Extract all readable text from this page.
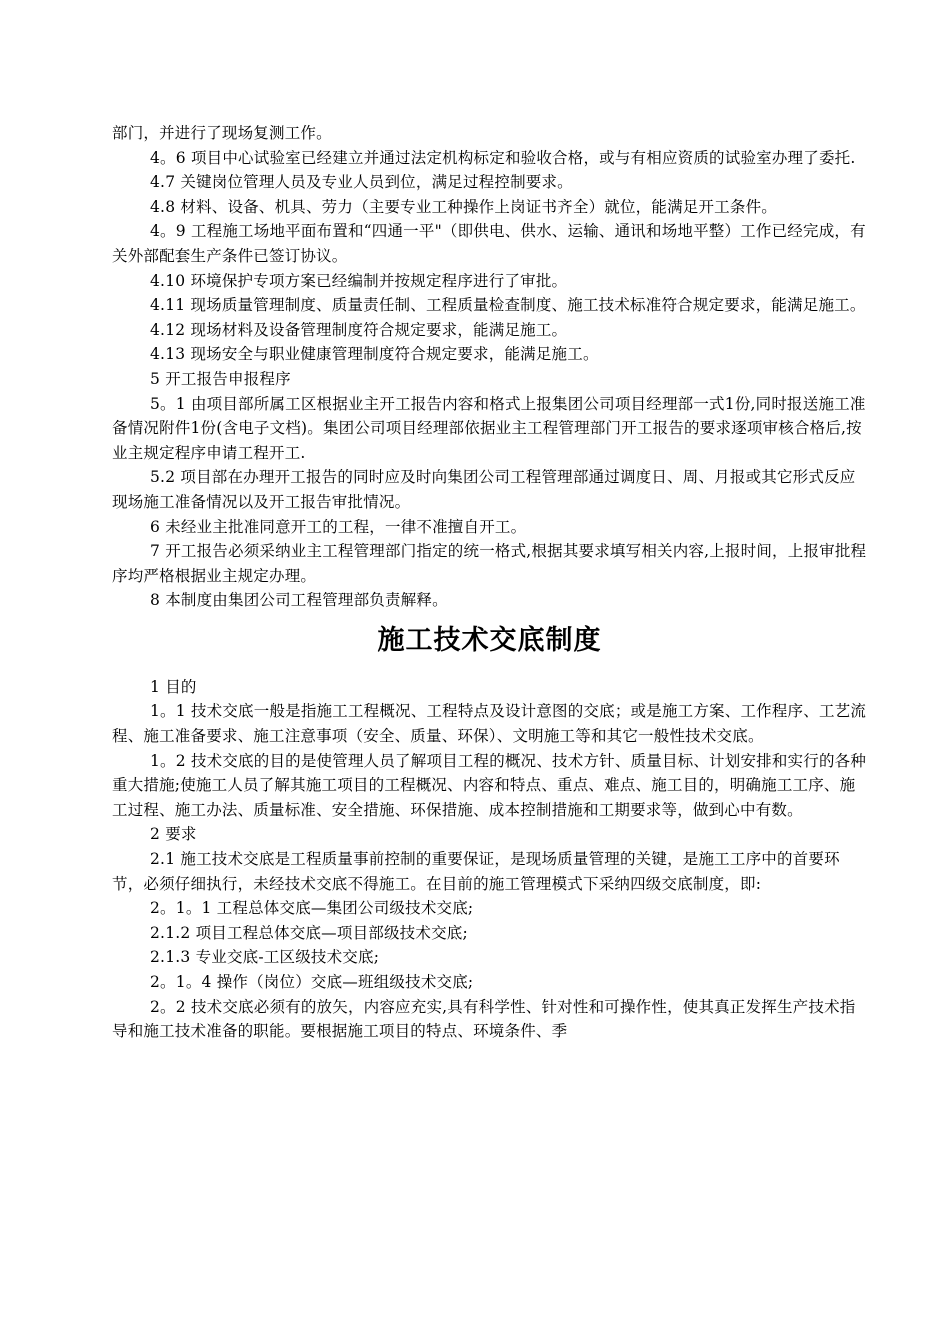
部门，并进行了现场复测工作。

4。6 项目中心试验室已经建立并通过法定机构标定和验收合格，或与有相应资质的试验室办理了委托.

4.7 关键岗位管理人员及专业人员到位，满足过程控制要求。

4.8 材料、设备、机具、劳力（主要专业工种操作上岗证书齐全）就位，能满足开工条件。

4。9 工程施工场地平面布置和“四通一平"（即供电、供水、运输、通讯和场地平整）工作已经完成，有关外部配套生产条件已签订协议。

4.10 环境保护专项方案已经编制并按规定程序进行了审批。

4.11 现场质量管理制度、质量责任制、工程质量检查制度、施工技术标准符合规定要求，能满足施工。

4.12 现场材料及设备管理制度符合规定要求，能满足施工。

4.13 现场安全与职业健康管理制度符合规定要求，能满足施工。

5 开工报告申报程序

5。1 由项目部所属工区根据业主开工报告内容和格式上报集团公司项目经理部一式1份,同时报送施工准备情况附件1份(含电子文档)。集团公司项目经理部依据业主工程管理部门开工报告的要求逐项审核合格后,按业主规定程序申请工程开工.

5.2 项目部在办理开工报告的同时应及时向集团公司工程管理部通过调度日、周、月报或其它形式反应现场施工准备情况以及开工报告审批情况。

6 未经业主批准同意开工的工程，一律不准擅自开工。

7 开工报告必须采纳业主工程管理部门指定的统一格式,根据其要求填写相关内容,上报时间，上报审批程序均严格根据业主规定办理。

8 本制度由集团公司工程管理部负责解释。

施工技术交底制度

1 目的

1。1 技术交底一般是指施工工程概况、工程特点及设计意图的交底；或是施工方案、工作程序、工艺流程、施工准备要求、施工注意事项（安全、质量、环保）、文明施工等和其它一般性技术交底。

1。2 技术交底的目的是使管理人员了解项目工程的概况、技术方针、质量目标、计划安排和实行的各种重大措施;使施工人员了解其施工项目的工程概况、内容和特点、重点、难点、施工目的，明确施工工序、施工过程、施工办法、质量标准、安全措施、环保措施、成本控制措施和工期要求等，做到心中有数。

2 要求

2.1 施工技术交底是工程质量事前控制的重要保证，是现场质量管理的关键，是施工工序中的首要环节，必须仔细执行，未经技术交底不得施工。在目前的施工管理模式下采纳四级交底制度，即:

2。1。1 工程总体交底—集团公司级技术交底;

2.1.2 项目工程总体交底—项目部级技术交底;

2.1.3 专业交底-工区级技术交底;

2。1。4 操作（岗位）交底—班组级技术交底;

2。2 技术交底必须有的放矢，内容应充实,具有科学性、针对性和可操作性，使其真正发挥生产技术指导和施工技术准备的职能。要根据施工项目的特点、环境条件、季
